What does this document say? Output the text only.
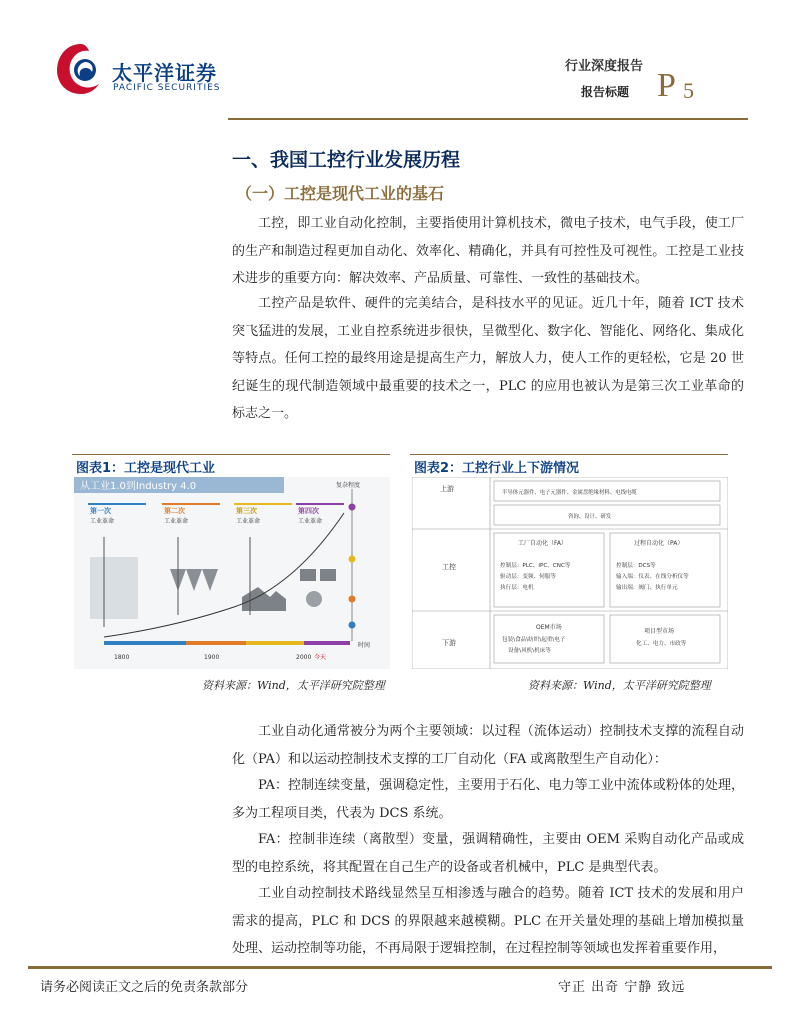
太平洋证券
PACIFIC SECURITIES
行业深度报告
报告标题 P 5
一、我国工控行业发展历程
（一）工控是现代工业的基石
工控，即工业自动化控制，主要指使用计算机技术，微电子技术，电气手段，使工厂的生产和制造过程更加自动化、效率化、精确化，并具有可控性及可视性。工控是工业技术进步的重要方向：解决效率、产品质量、可靠性、一致性的基础技术。
工控产品是软件、硬件的完美结合，是科技水平的见证。近几十年，随着 ICT 技术突飞猛进的发展，工业自控系统进步很快，呈微型化、数字化、智能化、网络化、集成化等特点。任何工控的最终用途是提高生产力，解放人力，使人工作的更轻松，它是 20 世纪诞生的现代制造领域中最重要的技术之一，PLC 的应用也被认为是第三次工业革命的标志之一。
图表1：工控是现代工业
从工业1.0到Industry 4.0	复杂程度
时间
1800	1900	2000 今天
第一次
工业革命
第二次
工业革命
第三次
工业革命
第四次
工业革命
资料来源：Wind，太平洋研究院整理
图表2：工控行业上下游情况
上游
工控
下游
半导体元器件、电子元器件、金属盘绝缘材料、电线电缆
咨询、设计、研发
工厂自动化（FA）
控制层：PLC、IPC、CNC等
驱动层：变频、伺服等
执行层：电机
过程自动化（PA）
控制层：DCS等
输入端：仪表、在线分析仪等
输出端：阀门、执行单元
OEM市场
包装\食品\纺织\起重\电子
设备\风机\机床等
项目型市场
化工、电力、市政等
资料来源：Wind，太平洋研究院整理
工业自动化通常被分为两个主要领域：以过程（流体运动）控制技术支撑的流程自动化（PA）和以运动控制技术支撑的工厂自动化（FA 或离散型生产自动化）：
PA：控制连续变量，强调稳定性，主要用于石化、电力等工业中流体或粉体的处理，多为工程项目类，代表为 DCS 系统。
FA：控制非连续（离散型）变量，强调精确性，主要由 OEM 采购自动化产品或成型的电控系统，将其配置在自己生产的设备或者机械中，PLC 是典型代表。
工业自动控制技术路线显然呈互相渗透与融合的趋势。随着 ICT 技术的发展和用户需求的提高，PLC 和 DCS 的界限越来越模糊。PLC 在开关量处理的基础上增加模拟量处理、运动控制等功能，不再局限于逻辑控制，在过程控制等领域也发挥着重要作用，
请务必阅读正文之后的免责条款部分	守正 出奇 宁静 致远
